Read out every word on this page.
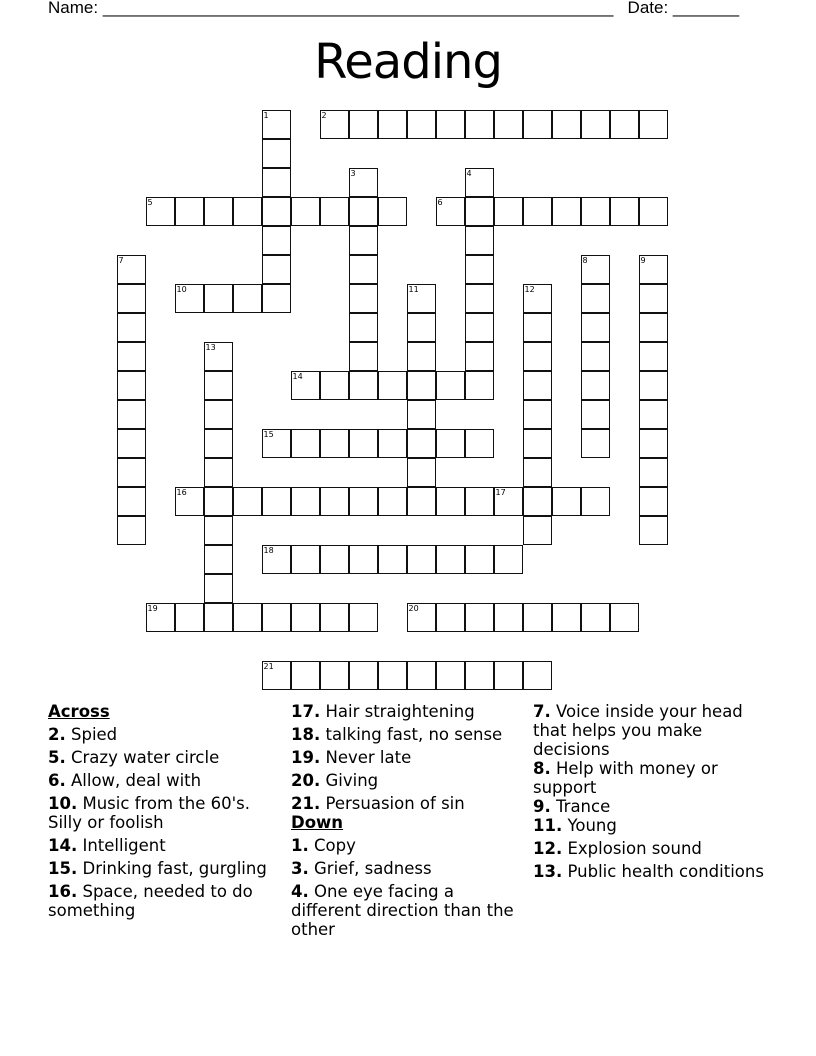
Name: ______________________________________________________ Date: _______
Reading
1	2
3	4
5	6
7	8	9
10	11	12
13
14
15
16	17
18
19	20
21
Across
2. Spied
5. Crazy water circle
6. Allow, deal with
10. Music from the 60's. Silly or foolish
14. Intelligent
15. Drinking fast, gurgling
16. Space, needed to do something
17. Hair straightening
18. talking fast, no sense
19. Never late
20. Giving
21. Persuasion of sin
Down
1. Copy
3. Grief, sadness
4. One eye facing a different direction than the other
7. Voice inside your head that helps you make decisions
8. Help with money or support
9. Trance
11. Young
12. Explosion sound
13. Public health conditions
